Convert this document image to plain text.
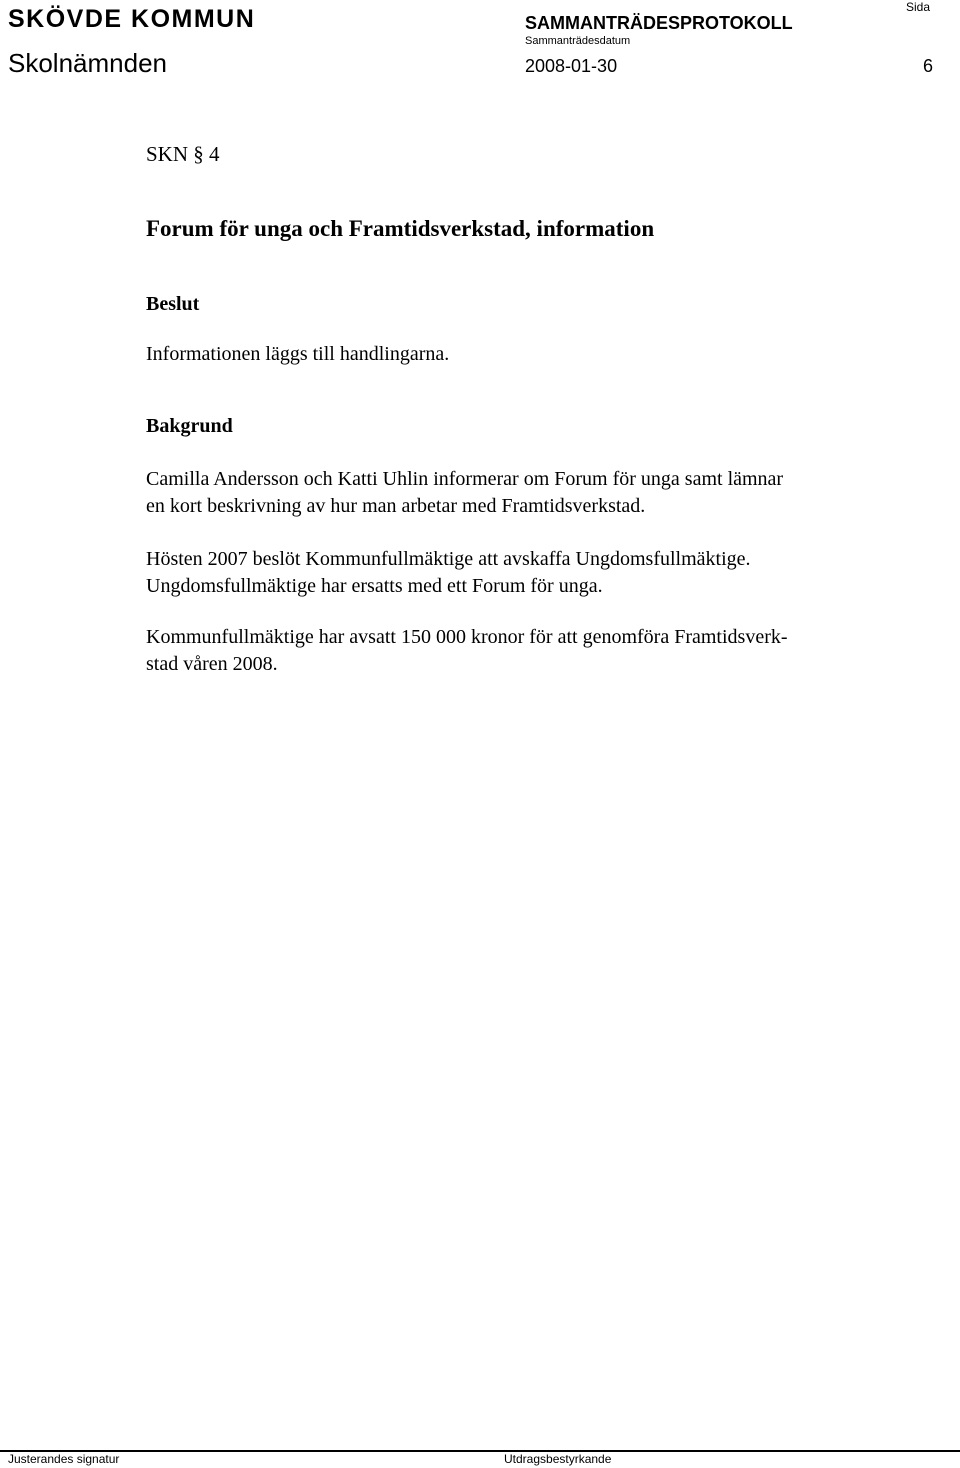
SKÖVDE KOMMUN
Skolnämnden
SAMMANTRÄDESPROTOKOLL
Sammanträdesdatum
2008-01-30
Sida
6
SKN § 4
Forum för unga och Framtidsverkstad, information
Beslut
Informationen läggs till handlingarna.
Bakgrund
Camilla Andersson och Katti Uhlin informerar om Forum för unga samt lämnar
en kort beskrivning av hur man arbetar med Framtidsverkstad.
Hösten 2007 beslöt Kommunfullmäktige att avskaffa Ungdomsfullmäktige.
Ungdomsfullmäktige har ersatts med ett Forum för unga.
Kommunfullmäktige har avsatt 150 000 kronor för att genomföra Framtidsverk-
stad våren 2008.
Justerandes signatur	Utdragsbestyrkande
